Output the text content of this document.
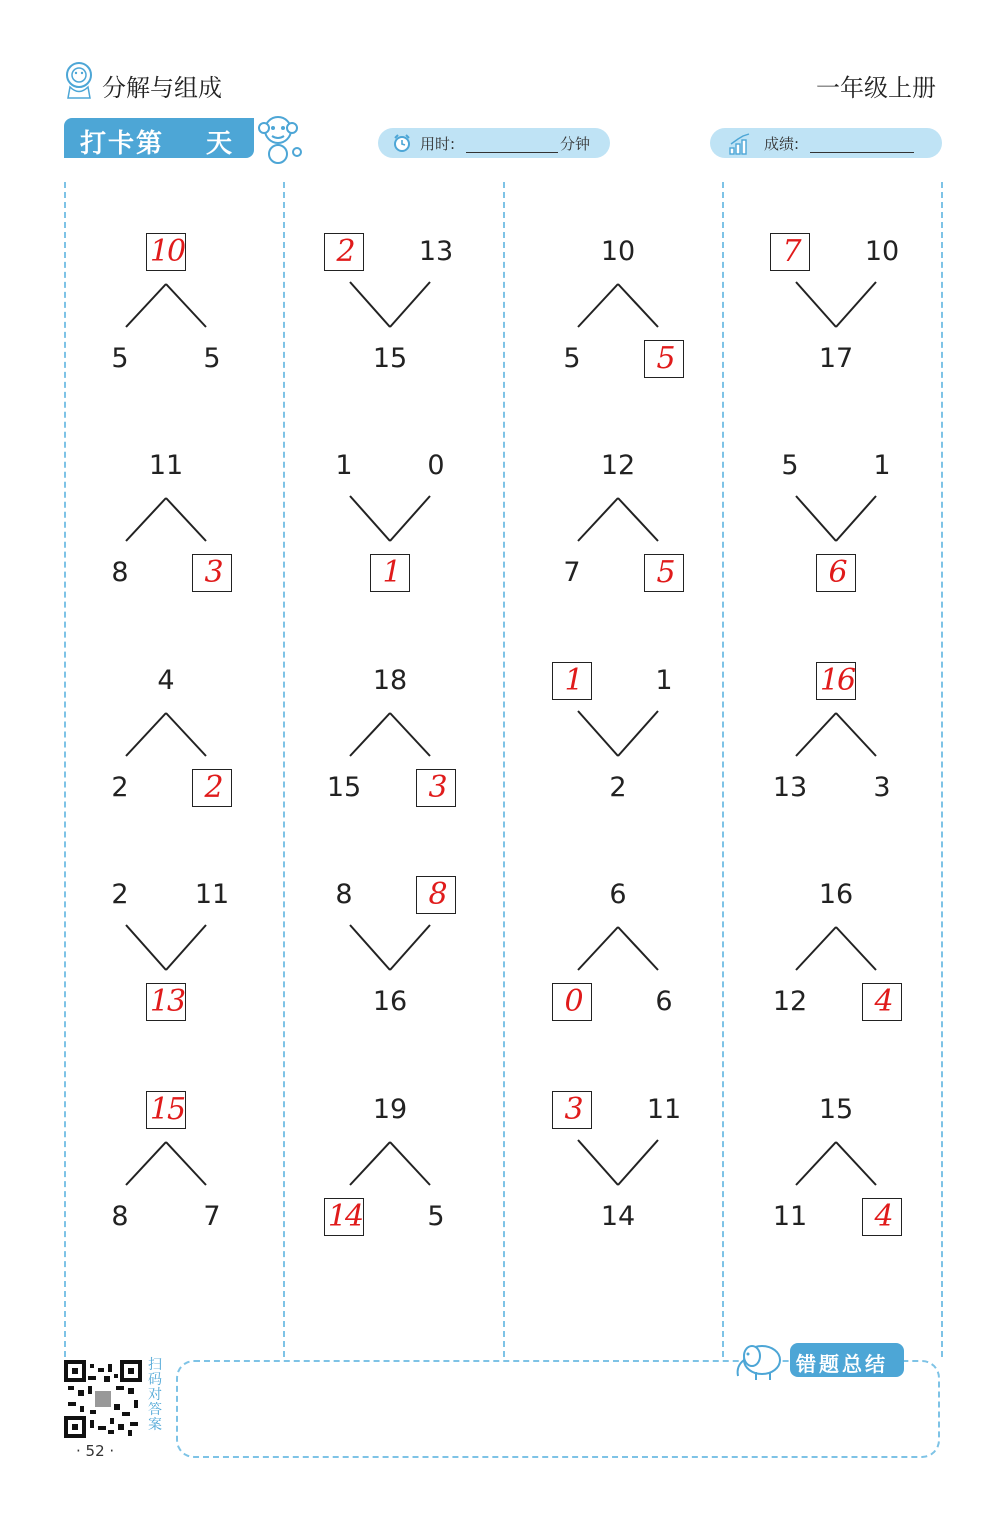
分解与组成	一年级上册
打卡第 天	用时:	分钟	成绩:
10
5	5
2	13
15
10
5	5
7	10
17
11
8	3
1	0
1
12
7	5
5	1
6
4
2	2
18
15	3
1	1
2
16
13	3
2	11
13
8	8
16
6
0	6
16
12	4
15
8	7
19
14	5
3	11
14
15
11	4
扫码对答案
· 52 ·
错题总结
